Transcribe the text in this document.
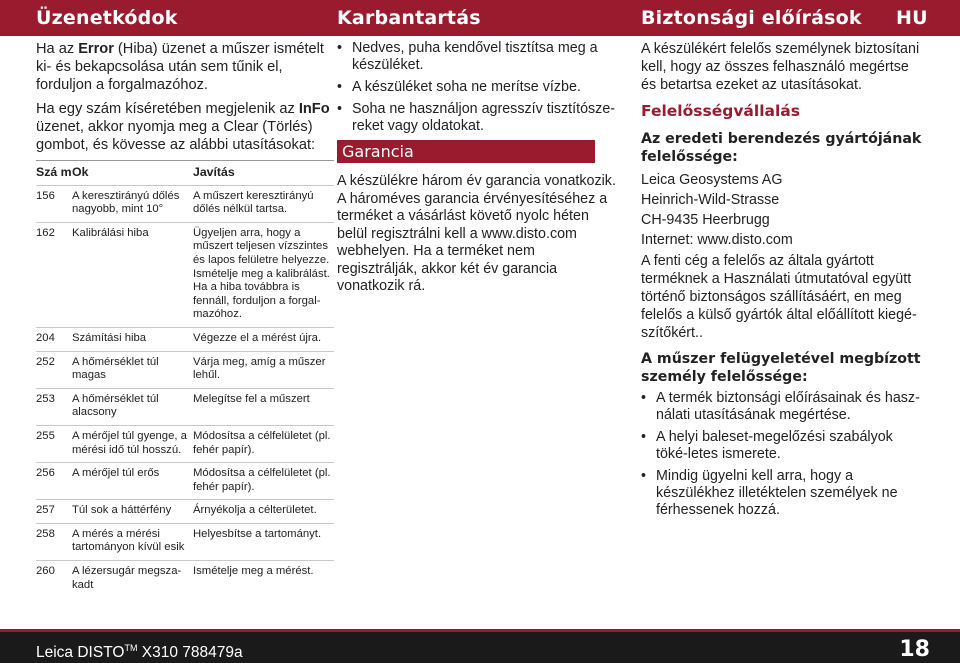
Üzenetkódok	Karbantartás	Biztonsági előírások HU

Ha az Error (Hiba) üzenet a műszer ismételt ki- és bekapcsolása után sem tűnik el, forduljon a forgalmazóhoz.

Ha egy szám kíséretében megjelenik az InFo üzenet, akkor nyomja meg a Clear (Törlés) gombot, és kövesse az alábbi utasításokat:

Szá m	Ok	Javítás
156	A keresztirányú dőlés nagyobb, mint 10°	A műszert keresztirányú dőlés nélkül tartsa.
162	Kalibrálási hiba	Ügyeljen arra, hogy a műszert teljesen vízszintes és lapos felületre helyezze. Ismételje meg a kalibrálást. Ha a hiba továbbra is fennáll, forduljon a forgal-mazóhoz.
204	Számítási hiba	Végezze el a mérést újra.
252	A hőmérséklet túl magas	Várja meg, amíg a műszer lehűl.
253	A hőmérséklet túl alacsony	Melegítse fel a műszert
255	A mérőjel túl gyenge, a mérési idő túl hosszú.	Módosítsa a célfelületet (pl. fehér papír).
256	A mérőjel túl erős	Módosítsa a célfelületet (pl. fehér papír).
257	Túl sok a háttérfény	Árnyékolja a célterületet.
258	A mérés a mérési tartományon kívül esik	Helyesbítse a tartományt.
260	A lézersugár megsza-kadt	Ismételje meg a mérést.
• Nedves, puha kendővel tisztítsa meg a készüléket.
• A készüléket soha ne merítse vízbe.
• Soha ne használjon agresszív tisztítósze-reket vagy oldatokat.
Garancia

A készülékre három év garancia vonatkozik. A hároméves garancia érvényesítéséhez a terméket a vásárlást követő nyolc héten belül regisztrálni kell a www.disto.com webhelyen. Ha a terméket nem regisztrálják, akkor két év garancia vonatkozik rá.

A készülékért felelős személynek biztosítani kell, hogy az összes felhasználó megértse és betartsa ezeket az utasításokat.

Felelősségvállalás

Az eredeti berendezés gyártójának felelőssége:

Leica Geosystems AG

Heinrich-Wild-Strasse

CH-9435 Heerbrugg

Internet: www.disto.com

A fenti cég a felelős az általa gyártott terméknek a Használati útmutatóval együtt történő biztonságos szállításáért, en meg felelős a külső gyártók által előállított kiegé-szítőkért..

A műszer felügyeletével megbízott személy felelőssége:

• A termék biztonsági előírásainak és hasz-nálati utasításának megértése.
• A helyi baleset-megelőzési szabályok töké-letes ismerete.
• Mindig ügyelni kell arra, hogy a készülékhez illetéktelen személyek ne férhessenek hozzá.
Leica DISTO™ X310 788479a	18
